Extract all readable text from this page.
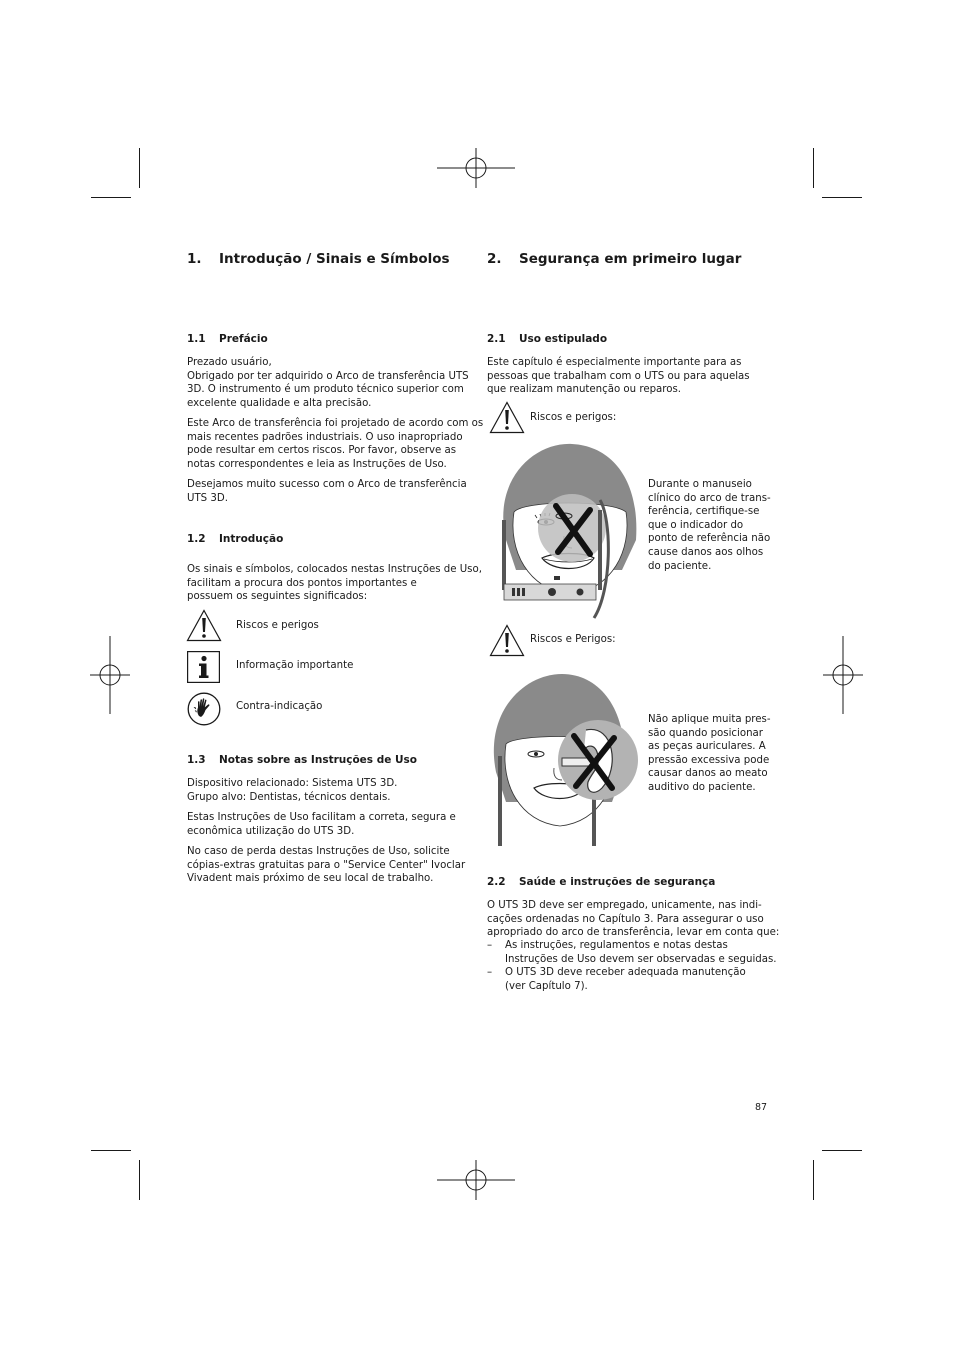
1. Introdução / Sinais e Símbolos
1.1 Prefácio
Prezado usuário,
Obrigado por ter adquirido o Arco de transferência UTS
3D. O instrumento é um produto técnico superior com
excelente qualidade e alta precisão.
Este Arco de transferência foi projetado de acordo com os
mais recentes padrões industriais. O uso inapropriado
pode resultar em certos riscos. Por favor, observe as
notas correspondentes e leia as Instruções de Uso.
Desejamos muito sucesso com o Arco de transferência
UTS 3D.
1.2 Introdução
Os sinais e símbolos, colocados nestas Instruções de Uso,
facilitam a procura dos pontos importantes e
possuem os seguintes significados:
Riscos e perigos
Informação importante
Contra-indicação
1.3 Notas sobre as Instruções de Uso
Dispositivo relacionado: Sistema UTS 3D.
Grupo alvo: Dentistas, técnicos dentais.
Estas Instruções de Uso facilitam a correta, segura e
econômica utilização do UTS 3D.
No caso de perda destas Instruções de Uso, solicite
cópias-extras gratuitas para o "Service Center" Ivoclar
Vivadent mais próximo de seu local de trabalho.
2. Segurança em primeiro lugar
2.1 Uso estipulado
Este capítulo é especialmente importante para as
pessoas que trabalham com o UTS ou para aquelas
que realizam manutenção ou reparos.
Riscos e perigos:
Durante o manuseio
clínico do arco de trans-
ferência, certifique-se
que o indicador do
ponto de referência não
cause danos aos olhos
do paciente.
Riscos e Perigos:
Não aplique muita pres-
são quando posicionar
as peças auriculares. A
pressão excessiva pode
causar danos ao meato
auditivo do paciente.
2.2 Saúde e instruções de segurança
O UTS 3D deve ser empregado, unicamente, nas indi-
cações ordenadas no Capítulo 3. Para assegurar o uso
apropriado do arco de transferência, levar em conta que:
– As instruções, regulamentos e notas destas
Instruções de Uso devem ser observadas e seguidas.
– O UTS 3D deve receber adequada manutenção
(ver Capítulo 7).
87
